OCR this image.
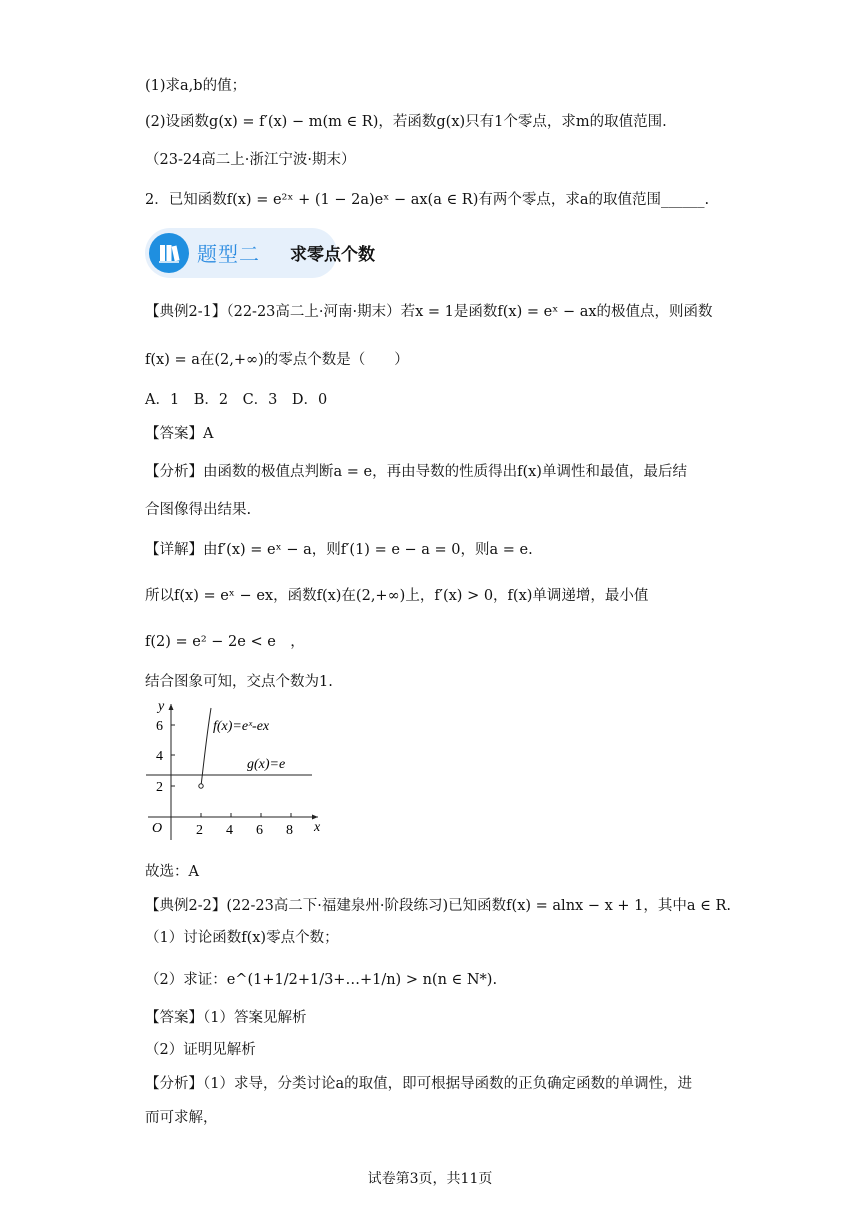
(1)求a,b的值；
(2)设函数g(x) = f′(x) − m(m ∈ R)，若函数g(x)只有1个零点，求m的取值范围.
（23-24高二上·浙江宁波·期末）
2．已知函数f(x) = e²ˣ + (1 − 2a)eˣ − ax(a ∈ R)有两个零点，求a的取值范围______.
【典例2-1】（22-23高二上·河南·期末）若x = 1是函数f(x) = eˣ − ax的极值点，则函数
f(x) = a在(2,+∞)的零点个数是（　　）
A．1　B．2　C．3　D．0
【答案】A
【分析】由函数的极值点判断a = e，再由导数的性质得出f(x)单调性和最值，最后结
合图像得出结果.
【详解】由f′(x) = eˣ − a，则f′(1) = e − a = 0，则a = e.
所以f(x) = eˣ − ex，函数f(x)在(2,+∞)上，f′(x) > 0，f(x)单调递增，最小值
f(2) = e² − 2e < e　，
结合图象可知，交点个数为1.
故选：A
【典例2-2】(22-23高二下·福建泉州·阶段练习)已知函数f(x) = alnx − x + 1，其中a ∈ R.
（1）讨论函数f(x)零点个数；
（2）求证：e^(1+1/2+1/3+…+1/n) > n(n ∈ N*).
【答案】（1）答案见解析
（2）证明见解析
【分析】（1）求导，分类讨论a的取值，即可根据导函数的正负确定函数的单调性，进
而可求解，
题型二 求零点个数
y
x
O 2 4 6 8
2
4
6	f(x)=eˣ-ex
g(x)=e
试卷第3页，共11页
